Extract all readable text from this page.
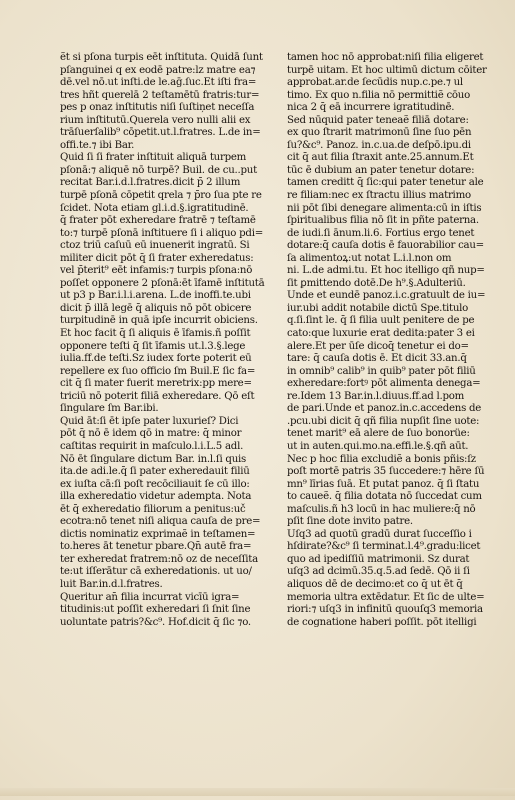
ẽt si pſona turpis eēt inſtituta. Quidā ſunt
pſanguinei q ex eodē patre:lz matre ea⁊
dē.vel nō.ut inſti.de le.aḡ.ſuc.Et iſti fra=
tres hñt querelā 2 teſtamētū fratris:tur=
pes p onaz inſtitutis niſi ſuſtiņet neceſſa
rium inſtitutū.Querela vero nulli alii ex
trāſuerſalib⁹ cōpetit.ut.l.fratres. L.de in=
offi.te.⁊ ibi Bar.
Quid ſi ſi frater inſtituit aliquā turpem
pſonā:⁊ aliquē nō turpē? Buil. de cu..put
recitat Bar.i.d.l.fratres.dicit p̄ 2 illum
turpē pſonā cōpetit qrela ⁊ p̄ro ſua pte re
ſcidet. Nota etiam gl.i.d.§.igratitudinē.
q̄ frater pōt exheredare fratrē ⁊ teſtamē
to:⁊ turpē pſonā inſtituere ſi i aliquo pdi=
ctoz triū caſuū eū inuenerit ingratū. Si
militer dicit pōt q̄ ſi frater exheredatus:
vel p̄terit⁹ eēt infamis:⁊ turpis pſona:nō
poſſet opponere 2 pſonā:ēt īfamē inſtitutā
ut p3 p Bar.i.l.i.arena. L.de inoffi.te.ubi
dicit p̄ illā legē q̄ aliquis nō pōt obicere
turpitudinē in quā ipſe incurrit obiciens.
Et hoc facit q̄ ſi aliquis ē īfamis.ñ poſſit
opponere teſti q̄ ſit īfamis ut.l.3.§.lege
iulia.ff.de teſti.Sz iudex forte poterit eū
repellere ex ſuo officio ſm Buil.E ſic fa=
cit q̄ ſi mater fuerit meretrix:pp mere=
triciū nō poterit filiā exheredare. Qō eſt
ſingulare ſm Bar.ibi.
Quid āt:ſi ēt ipſe pater luxurieſ? Dici
pōt q̄ nō ē idem qō in matre: q̄ minor
caſtitas requirit in maſculo.l.i.L.5 adl.
Nō ēt ſingulare dictum Bar. in.l.ſi quis
ita.de adi.le.q̄ ſi pater exheredauit filiū
ex iuſta cā:ſi poſt recōciliauit ſe cū illo:
illa exheredatio videtur adempta. Nota
ēt q̄ exheredatio filiorum a penitus:uč
ecotra:nō tenet niſi aliqua cauſa de pre=
dictis nominatiz exprimaẽ in teſtamen=
to.heres āt tenetur pbare.Qn̄ autē fra=
ter exheredat fratrem:nō oz de neceſſita
te:ut iſſerātur cā exheredationis. ut uo/
luit Bar.in.d.l.fratres.
Queritur an̄ filia incurrat vicīū igra=
titudinis:ut poſſit exheredari ſi ſnit ſine
uoluntate patris?&c⁹. Hof.dicit q̄ ſic ⁊o.
tamen hoc nō approbat:niſi filia eligeret
turpē uitam. Et hoc ultimū dictum cōiter
approbat.ar.de ſecūdis nup.c.pe.⁊ ul
timo. Ex quo n.filia nō permittiẽ cōuo
nica 2 q̄ eā incurrere igratitudinē.
Sed nūquid pater teneaẽ filiā dotare:
ex quo ſtrarit matrimonū ſine ſuo pēn
ſu?&c⁹. Panoz. in.c.ua.de deſpō.ipu.di
cit q̄ aut filia ſtraxit ante.25.annum.Et
tūc ē dubium an pater tenetur dotare:
tamen creditt q̄ ſic:qui pater tenetur ale
re filiam:nec ex ſtractu illius matrimo
nii pōt ſibi denegare alimenta:cū in iſtis
ſpiritualibus filia nō ſit in pñte paterna.
de iudi.ſi ānum.li.6. Fortius ergo tenet
dotare:q̄ cauſa dotis ē fauorabilior cau=
ſa alimentoꝝ:ut notat L.i.l.non om
ni. L.de admi.tu. Et hoc itelligo qñ nup=
ſit ꝑmittendo dotē.De h⁹.§.Adulteriū.
Unde et eundē panoz.i.c.gratuult de iu=
iur.ubi addit notabile dictū Spe.titulo
q.ſi.ſint le. q̄ ſi filia uult penitere de pe
cato:que luxurie erat dedita:pater 3 ei
alere.Et per ūſe dicoq̄ tenetur ei do=
tare: q̄ cauſa dotis ē. Et dicit 33.an.q̄
in omnib⁹ calib⁹ in quib⁹ pater pōt filiū
exheredare:fortꝰ pōt alimenta denega=
re.Idem 13 Bar.in.l.diuus.ff.ad l.pom
de pari.Unde et panoz.in.c.accedens de
.pcu.ubi dicit q̄ qñ filia nupſit ſine uote:
tenet marit⁹ eā alere de ſuo bonorüe:
ut in auten.qui.mo.na.effi.le.§.qñ aūt.
Nec p hoc filia excludiẽ a bonis pñis:ſz
poſt mortē patris 35 ſuccedere:⁊ hēre ſū
mn⁹ līrias ſuā. Et putat panoz. q̄ ſi ſtatu
to caueẽ. q̄ filia dotata nō ſuccedat cum
maſculis.ñ h3 locū in hac muliere:q̄ nō
pſit ſine dote invito patre.
Uſq3 ad quotū gradū durat ſucceſſio i
hſdirate?&c⁹ ſi terminat.l.4⁹.gradu:licet
quo ad ipediſſiū matrimonii. Sz durat
uſq3 ad dcimū.35.q.5.ad ſedē. Qō ii ſi
aliquos dē de decimo:et co q̄ ut ēt q̄
memoria ultra extēdatur. Et ſic de ulte=
riori:⁊ uſq3 in infinitū quouſq3 memoria
de cognatione haberi poſſit. pōt itelligi
